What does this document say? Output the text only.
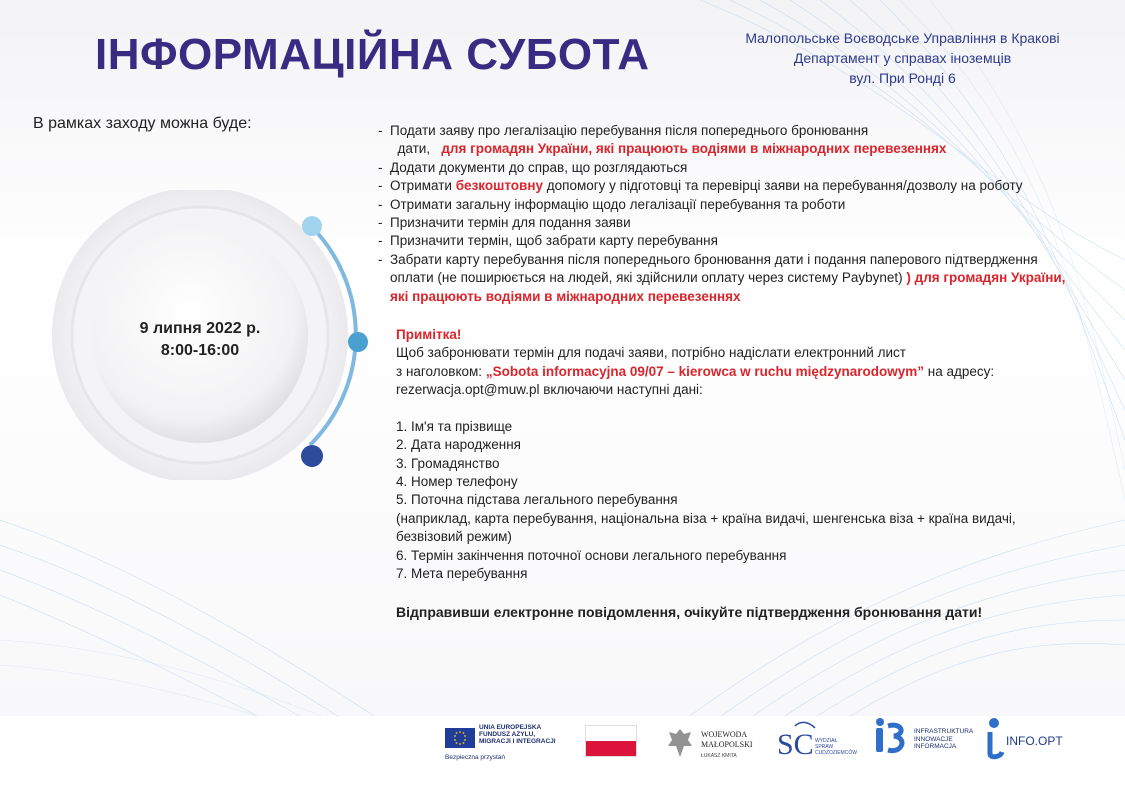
ІНФОРМАЦІЙНА СУБОТА	Малопольське Воєводське Управління в Кракові
Департамент у справах іноземців
вул. При Ронді 6
В рамках заходу можна буде:
9 липня 2022 р.
8:00-16:00
- Подати заяву про легалізацію перебування після попереднього бронювання
дати, для громадян України, які працюють водіями в міжнародних перевезеннях
- Додати документи до справ, що розглядаються
- Отримати безкоштовну допомогу у підготовці та перевірці заяви на перебування/дозволу на роботу
- Отримати загальну інформацію щодо легалізації перебування та роботи
- Призначити термін для подання заяви
- Призначити термін, щоб забрати карту перебування
- Забрати карту перебування після попереднього бронювання дати і подання паперового підтвердження оплати (не поширюється на людей, які здійснили оплату через систему Paybynet) ) для громадян України, які працюють водіями в міжнародних перевезеннях
Примітка!
Щоб забронювати термін для подачі заяви, потрібно надіслати електронний лист
з наголовком: „Sobota informacyjna 09/07 – kierowca w ruchu międzynarodowym” на адресу:
rezerwacja.opt@muw.pl включаючи наступні дані:
1. Ім'я та прізвище
2. Дата народження
3. Громадянство
4. Номер телефону
5. Поточна підстава легального перебування
(наприклад, карта перебування, національна віза + країна видачі, шенгенська віза + країна видачі, безвізовий режим)
6. Термін закінчення поточної основи легального перебування
7. Мета перебування
Відправивши електронне повідомлення, очікуйте підтвердження бронювання дати!
UNIA EUROPEJSKA
FUNDUSZ AZYLU,
MIGRACJI I INTEGRACJI
Bezpieczna przystań
WOJEWODA
MAŁOPOLSKI
ŁUKASZ KMITA SC WYDZIAŁ SPRAW
CUDZOZIEMCÓW
INFRASTRUKTURA
INNOWACJE
INFORMACJA	INFO.OPT
